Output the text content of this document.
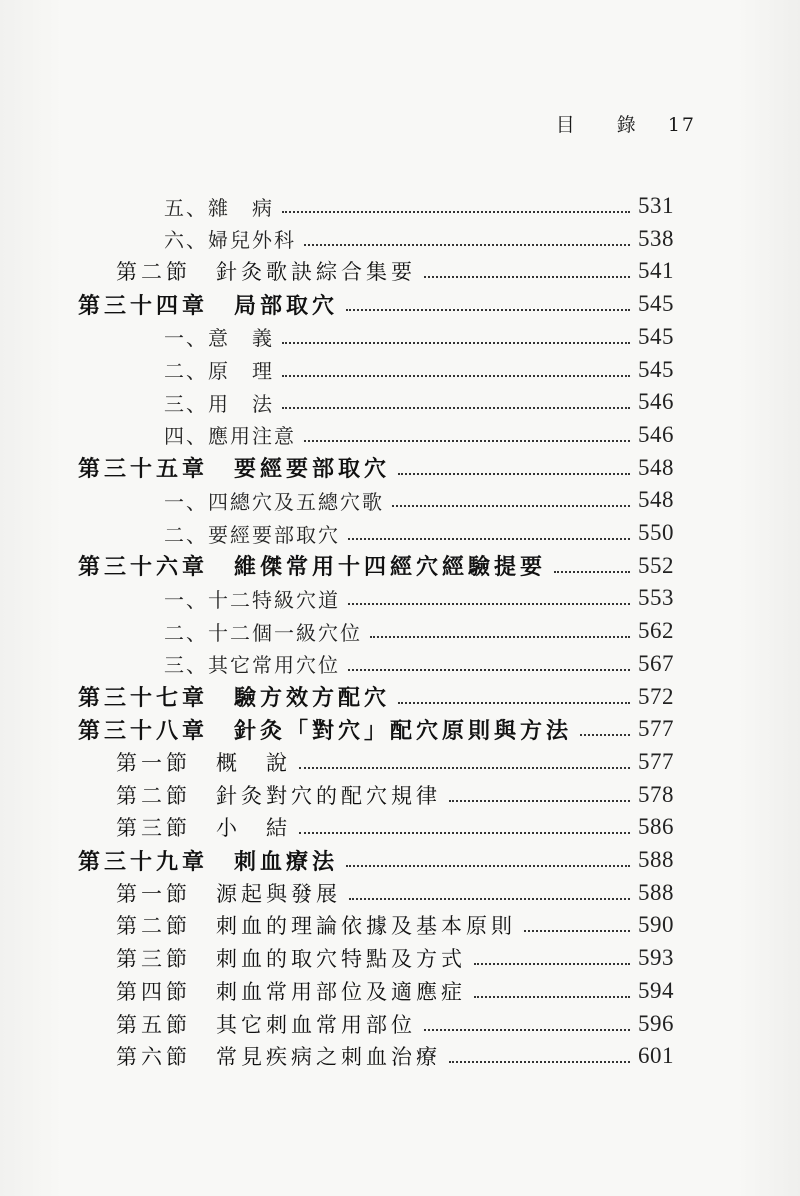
目 錄 17
五、雜　病	531
六、婦兒外科	538
第二節　針灸歌訣綜合集要	541
第三十四章　局部取穴	545
一、意　義	545
二、原　理	545
三、用　法	546
四、應用注意	546
第三十五章　要經要部取穴	548
一、四總穴及五總穴歌	548
二、要經要部取穴	550
第三十六章　維傑常用十四經穴經驗提要	552
一、十二特級穴道	553
二、十二個一級穴位	562
三、其它常用穴位	567
第三十七章　驗方效方配穴	572
第三十八章　針灸「對穴」配穴原則與方法	577
第一節　概　說	577
第二節　針灸對穴的配穴規律	578
第三節　小　結	586
第三十九章　刺血療法	588
第一節　源起與發展	588
第二節　刺血的理論依據及基本原則	590
第三節　刺血的取穴特點及方式	593
第四節　刺血常用部位及適應症	594
第五節　其它刺血常用部位	596
第六節　常見疾病之刺血治療	601
